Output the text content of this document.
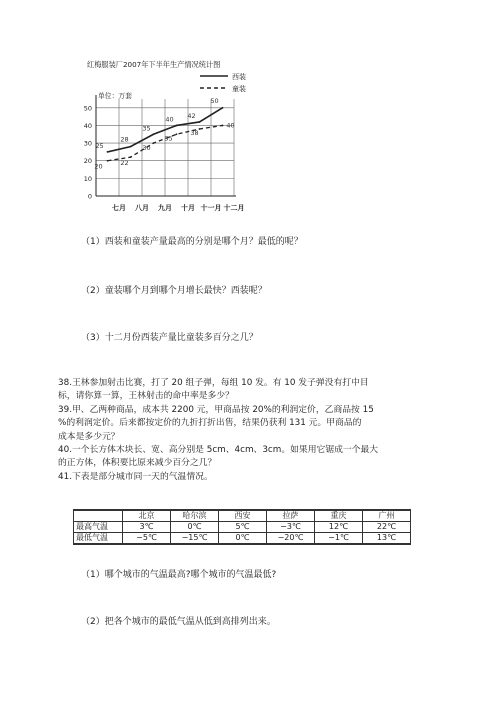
红梅服装厂2007年下半年生产情况统计图
单位：万套
0
10
20
30
40
50
七月 八月 九月 十月 十一月 十二月
25
28
35
40 42
50
20	22
30
35
38
40
西装
童装
（1）西装和童装产量最高的分别是哪个月？最低的呢？
（2）童装哪个月到哪个月增长最快？西装呢？
（3）十二月份西装产量比童装多百分之几？
38.王林参加射击比赛，打了 20 组子弹，每组 10 发。有 10 发子弹没有打中目
标，请你算一算，王林射击的命中率是多少？
39.甲、乙两种商品，成本共 2200 元，甲商品按 20%的利润定价，乙商品按 15
%的利润定价。后来都按定价的九折打折出售，结果仍获利 131 元。甲商品的
成本是多少元？
40.一个长方体木块长、宽、高分别是 5cm、4cm、3cm。如果用它锯成一个最大
的正方体，体积要比原来减少百分之几？
41.下表是部分城市同一天的气温情况。
	北京	哈尔滨	西安	拉萨	重庆	广州
最高气温	3℃	0℃	5℃	−3℃	12℃	22℃
最低气温	−5℃	−15℃	0℃	−20℃	−1℃	13℃
（1）哪个城市的气温最高?哪个城市的气温最低?
（2）把各个城市的最低气温从低到高排列出来。
